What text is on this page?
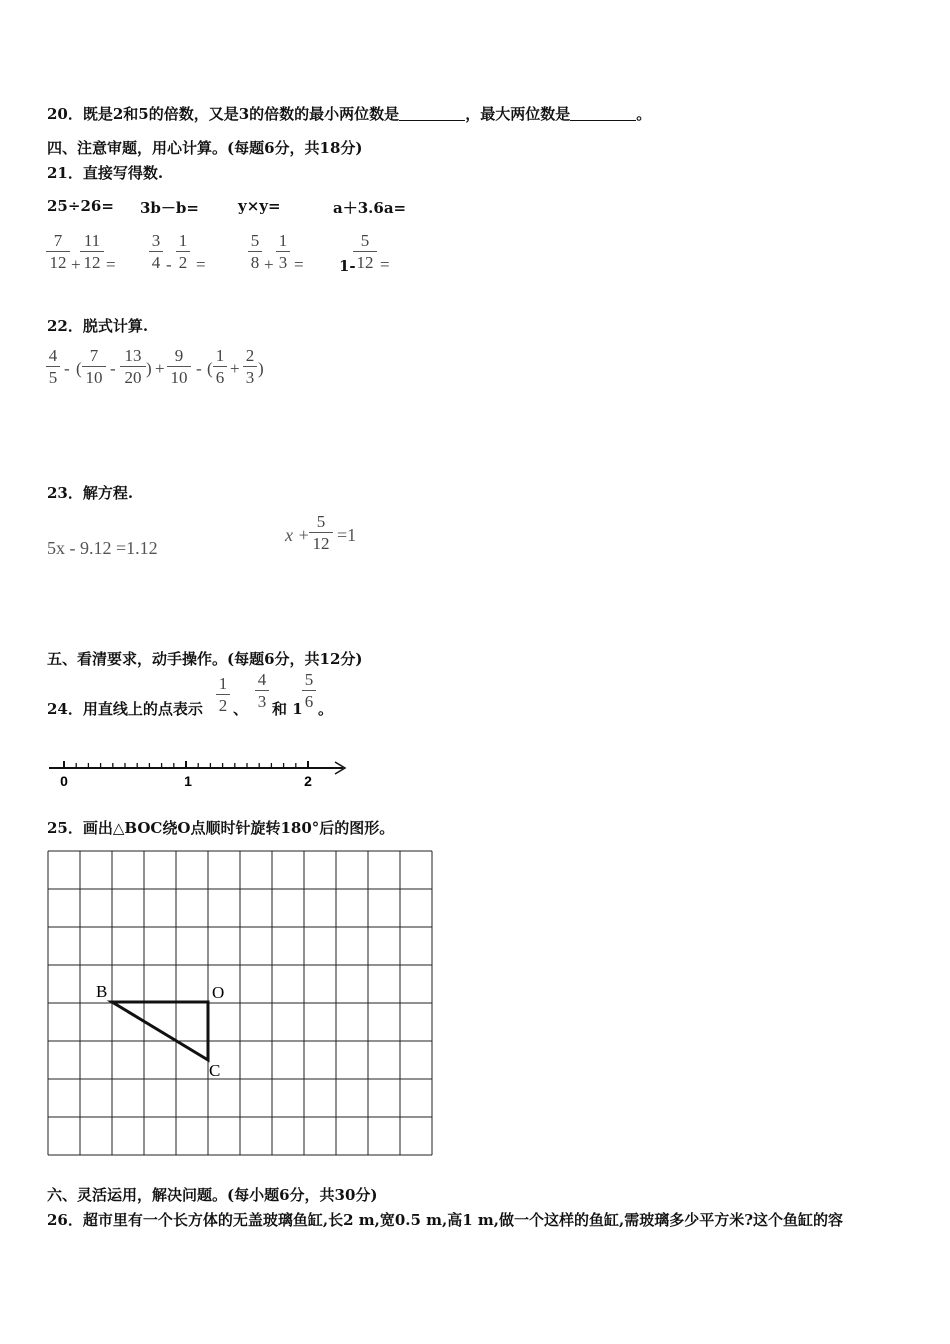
20．既是2和5的倍数，又是3的倍数的最小两位数是	，最大两位数是	。
四、注意审题，用心计算。(每题6分，共18分)
21．直接写得数.
25÷26= 3b－b=	y×y=	a＋3.6a=
7
12 +
11
12 =
3
4 -
1
2 =
5
8 +
1
3 = 1-
5
12 =
22．脱式计算.
4
5 - (
7
10 -
13
20 ) +
9
10 - (
1
6 +
2
3 )
23．解方程.
5x - 9.12 =1.12
x +
5
12 =1
五、看清要求，动手操作。(每题6分，共12分)
24．用直线上的点表示
1
2 、
4
3 和 1
5
6 。
0	1	2
25．画出△BOC绕O点顺时针旋转180°后的图形。
B	O
C
六、灵活运用，解决问题。(每小题6分，共30分)
26．超市里有一个长方体的无盖玻璃鱼缸,长2 m,宽0.5 m,高1 m,做一个这样的鱼缸,需玻璃多少平方米?这个鱼缸的容
